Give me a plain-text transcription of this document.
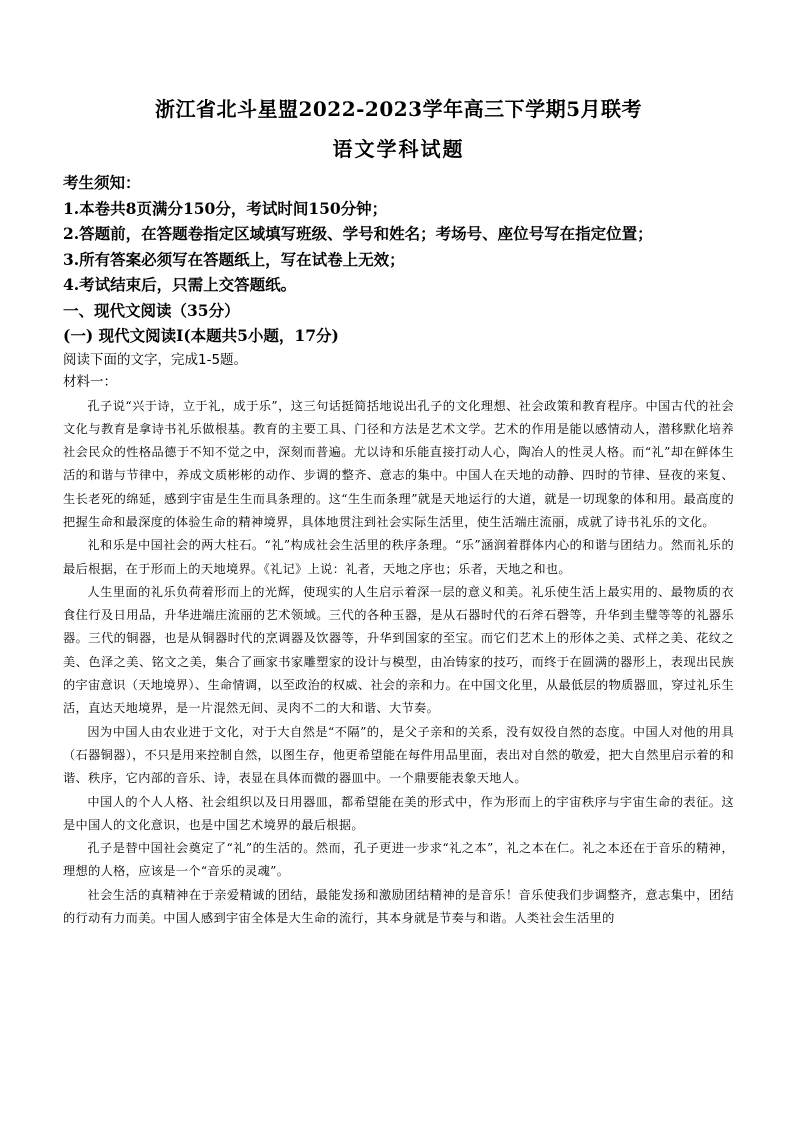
浙江省北斗星盟2022-2023学年高三下学期5月联考
语文学科试题

考生须知：

1.本卷共8页满分150分，考试时间150分钟；

2.答题前，在答题卷指定区域填写班级、学号和姓名；考场号、座位号写在指定位置；

3.所有答案必须写在答题纸上，写在试卷上无效；

4.考试结束后，只需上交答题纸。

一、现代文阅读（35分）

(一) 现代文阅读Ⅰ(本题共5小题，17分)

阅读下面的文字，完成1-5题。

材料一：

孔子说“兴于诗，立于礼，成于乐”，这三句话挺简括地说出孔子的文化理想、社会政策和教育程序。中国古代的社会文化与教育是拿诗书礼乐做根基。教育的主要工具、门径和方法是艺术文学。艺术的作用是能以感情动人，潜移默化培养社会民众的性格品德于不知不觉之中，深刻而普遍。尤以诗和乐能直接打动人心，陶冶人的性灵人格。而“礼”却在鲜体生活的和谐与节律中，养成文质彬彬的动作、步调的整齐、意志的集中。中国人在天地的动静、四时的节律、昼夜的来复、生长老死的绵延，感到宇宙是生生而具条理的。这“生生而条理”就是天地运行的大道，就是一切现象的体和用。最高度的把握生命和最深度的体验生命的精神境界，具体地贯注到社会实际生活里，使生活端庄流丽，成就了诗书礼乐的文化。

礼和乐是中国社会的两大柱石。“礼”构成社会生活里的秩序条理。“乐”涵润着群体内心的和谐与团结力。然而礼乐的最后根据，在于形而上的天地境界。《礼记》上说：礼者，天地之序也；乐者，天地之和也。

人生里面的礼乐负荷着形而上的光辉，使现实的人生启示着深一层的意义和美。礼乐使生活上最实用的、最物质的衣食住行及日用品，升华进端庄流丽的艺术领域。三代的各种玉器，是从石器时代的石斧石磬等，升华到圭璧等等的礼器乐器。三代的铜器，也是从铜器时代的烹调器及饮器等，升华到国家的至宝。而它们艺术上的形体之美、式样之美、花纹之美、色泽之美、铭文之美，集合了画家书家雕塑家的设计与模型，由冶铸家的技巧，而终于在圆满的器形上，表现出民族的宇宙意识（天地境界）、生命情调，以至政治的权威、社会的亲和力。在中国文化里，从最低层的物质器皿，穿过礼乐生活，直达天地境界，是一片混然无间、灵肉不二的大和谐、大节奏。

因为中国人由农业进于文化，对于大自然是“不隔”的，是父子亲和的关系，没有奴役自然的态度。中国人对他的用具（石器铜器），不只是用来控制自然，以图生存，他更希望能在每件用品里面，表出对自然的敬爱，把大自然里启示着的和谐、秩序，它内部的音乐、诗，表显在具体而微的器皿中。一个鼎要能表象天地人。

中国人的个人人格、社会组织以及日用器皿，都希望能在美的形式中，作为形而上的宇宙秩序与宇宙生命的表征。这是中国人的文化意识，也是中国艺术境界的最后根据。

孔子是替中国社会奠定了“礼”的生活的。然而，孔子更进一步求“礼之本”，礼之本在仁。礼之本还在于音乐的精神，理想的人格，应该是一个“音乐的灵魂”。

社会生活的真精神在于亲爱精诚的团结，最能发扬和激励团结精神的是音乐！音乐使我们步调整齐，意志集中，团结的行动有力而美。中国人感到宇宙全体是大生命的流行，其本身就是节奏与和谐。人类社会生活里的
